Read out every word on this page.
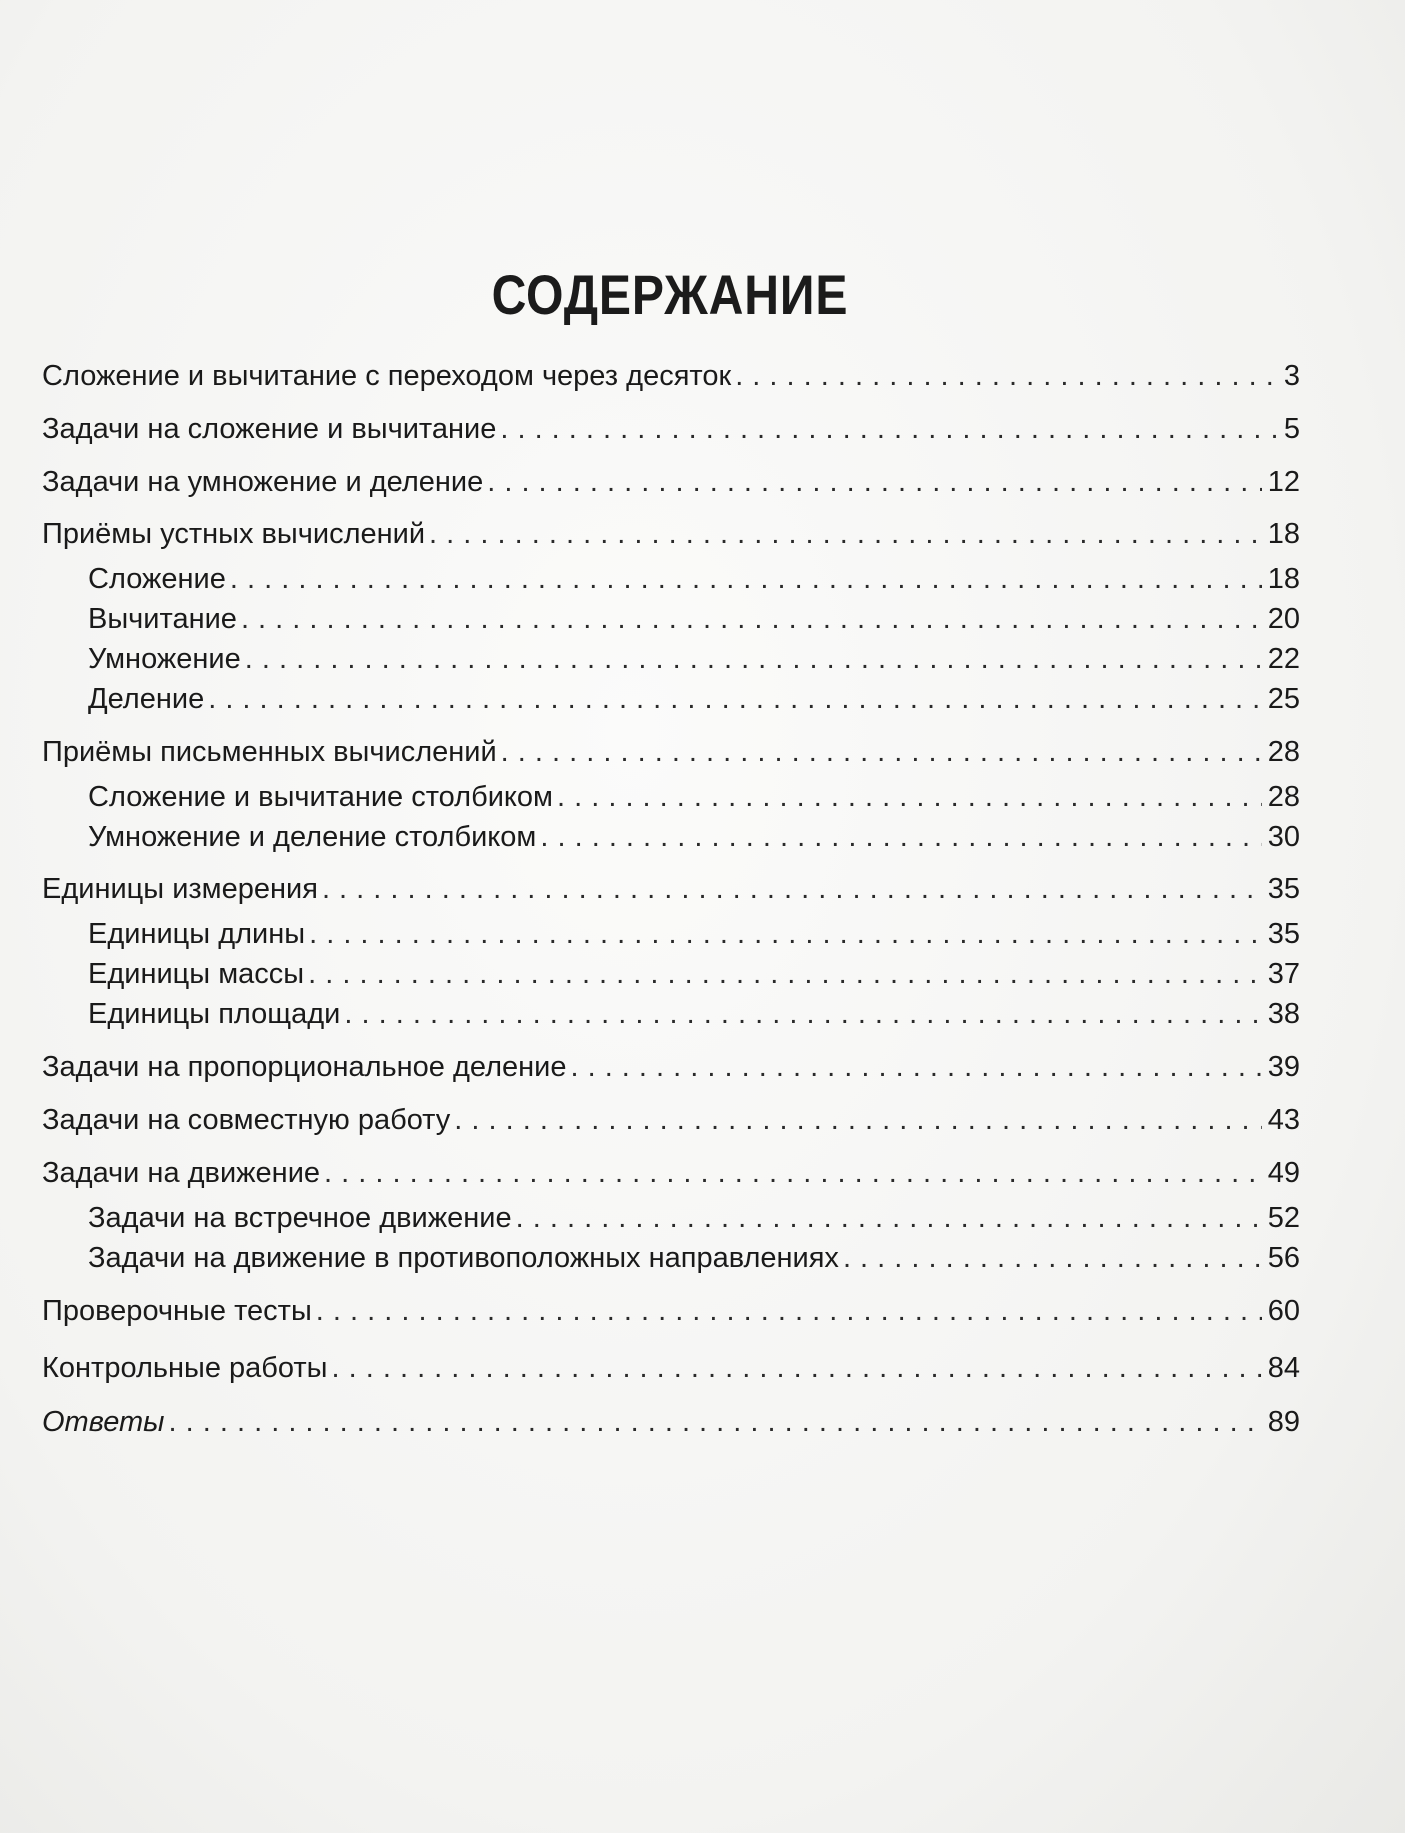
СОДЕРЖАНИЕ
Сложение и вычитание с переходом через десяток . . .	3
Задачи на сложение и вычитание . . .	5
Задачи на умножение и деление . . .	12
Приёмы устных вычислений . . .	18
Сложение . . .	18
Вычитание . . .	20
Умножение . . .	22
Деление . . .	25
Приёмы письменных вычислений . . .	28
Сложение и вычитание столбиком . . .	28
Умножение и деление столбиком . . .	30
Единицы измерения . . .	35
Единицы длины . . .	35
Единицы массы . . .	37
Единицы площади . . .	38
Задачи на пропорциональное деление . . .	39
Задачи на совместную работу . . .	43
Задачи на движение . . .	49
Задачи на встречное движение . . .	52
Задачи на движение в противоположных направлениях . . .	56
Проверочные тесты . . .	60
Контрольные работы . . .	84
Ответы . . .	89
